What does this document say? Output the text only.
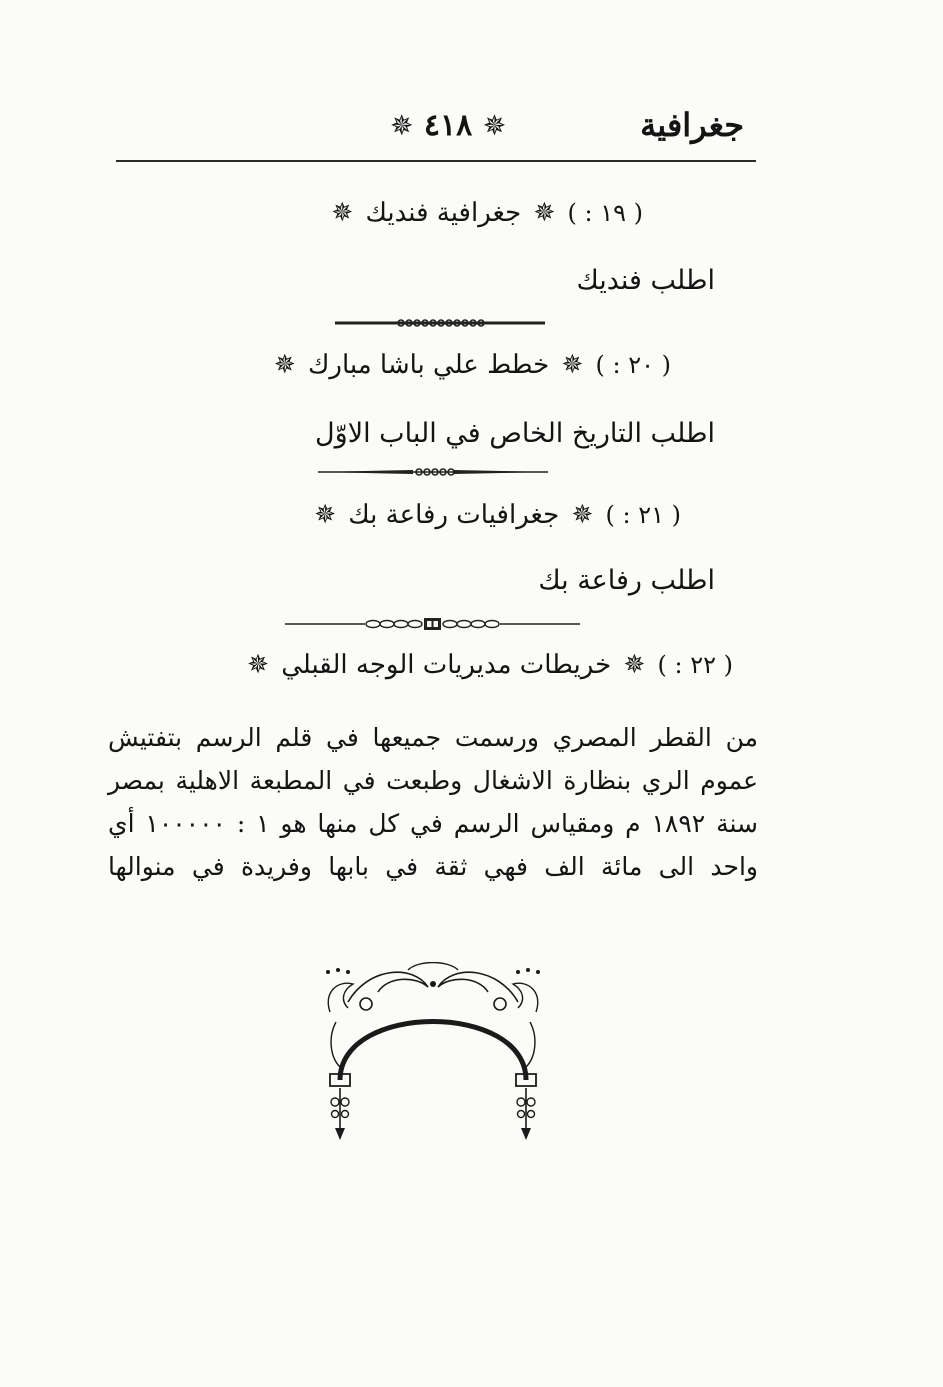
جغرافية
✵ ٤١٨ ✵
( ١٩ : ) ✵ جغرافية فنديك ✵
اطلب فنديك
( ٢٠ : ) ✵ خطط علي باشا مبارك ✵
اطلب التاريخ الخاص في الباب الاوّل
( ٢١ : ) ✵ جغرافيات رفاعة بك ✵
اطلب رفاعة بك
( ٢٢ : ) ✵ خريطات مديريات الوجه القبلي ✵
من القطر المصري ورسمت جميعها في قلم الرسم بتفتيش عموم الري بنظارة الاشغال وطبعت في المطبعة الاهلية بمصر سنة ١٨٩٢ م ومقياس الرسم في كل منها هو ١ : ١٠٠٠٠٠ أي واحد الى مائة الف فهي ثقة في بابها وفريدة في منوالها
